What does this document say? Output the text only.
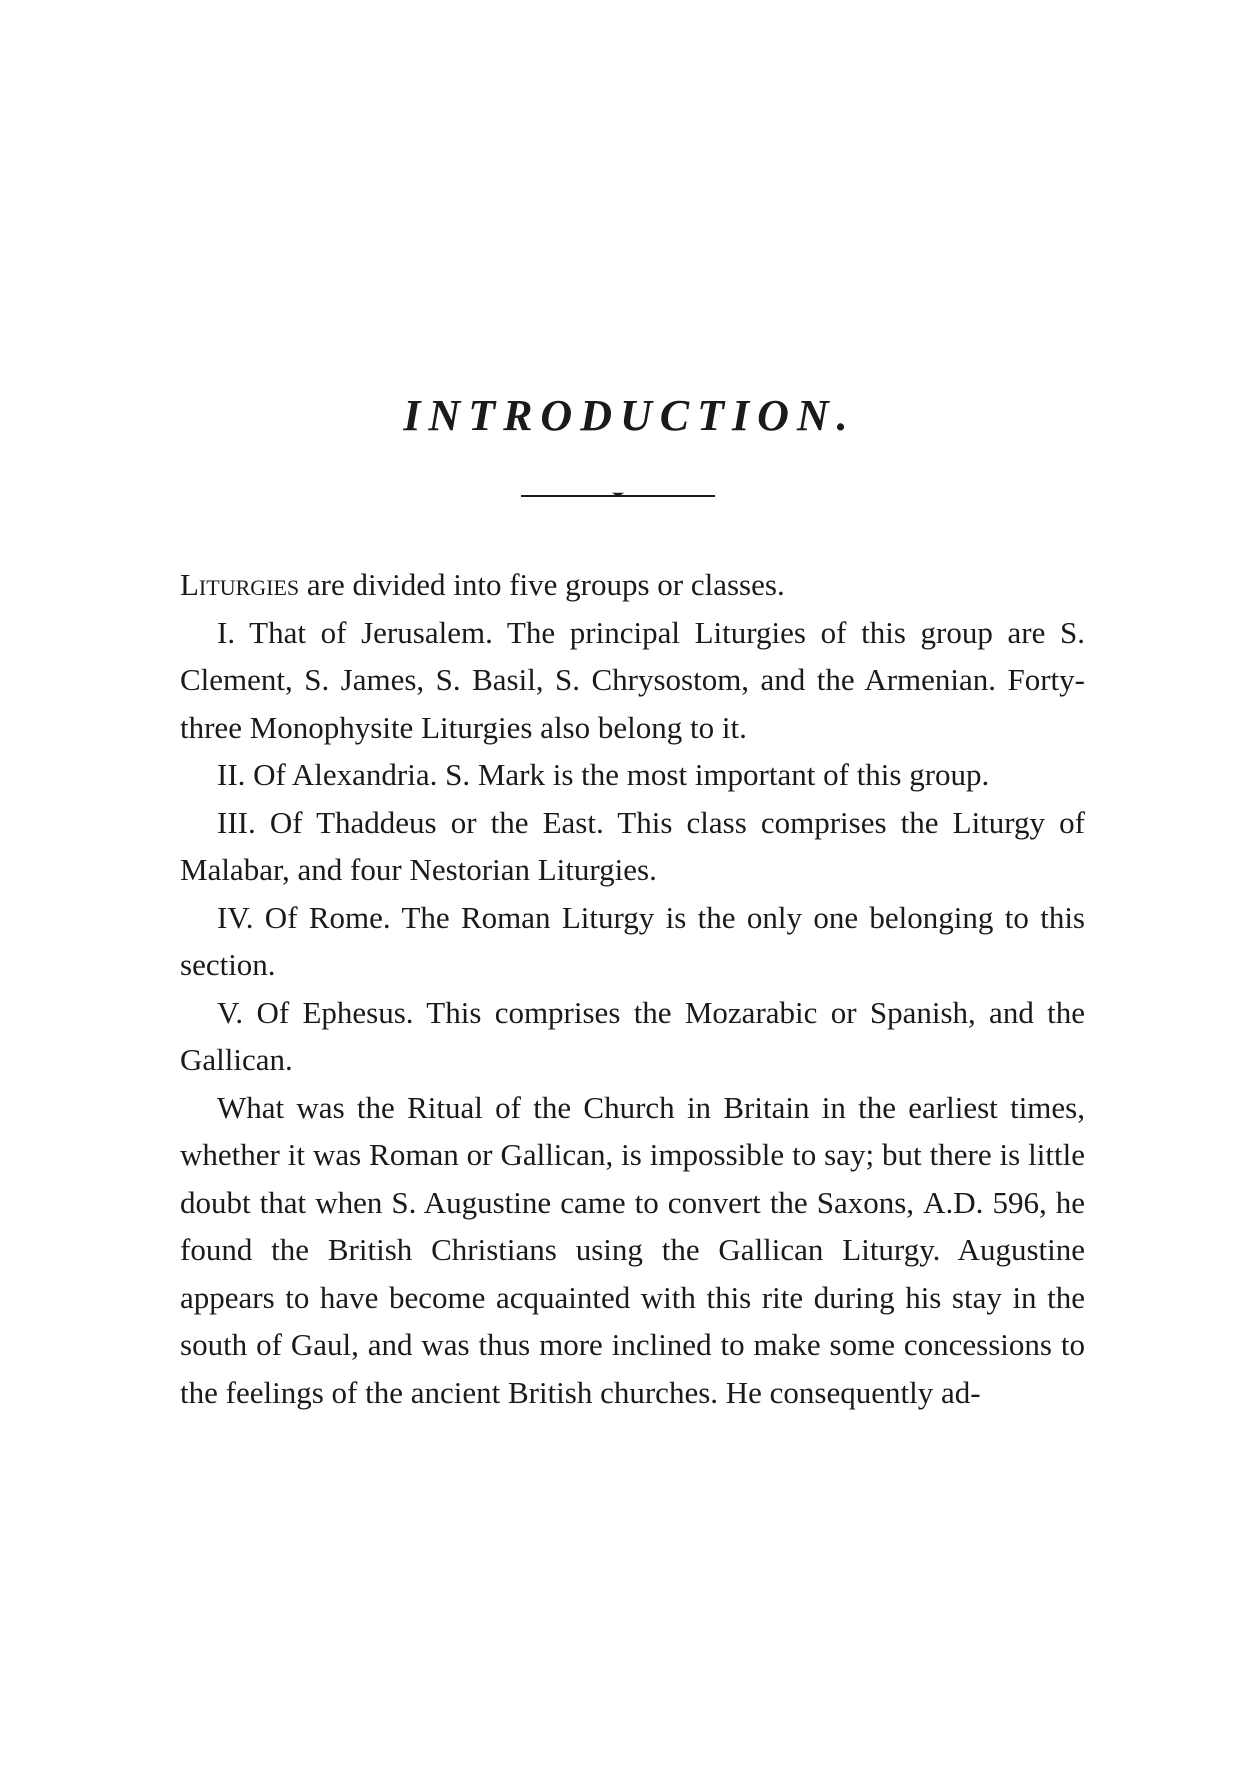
INTRODUCTION.

Liturgies are divided into five groups or classes.

I. That of Jerusalem. The principal Liturgies of this group are S. Clement, S. James, S. Basil, S. Chrysostom, and the Armenian. Forty-three Monophysite Liturgies also belong to it.

II. Of Alexandria. S. Mark is the most important of this group.

III. Of Thaddeus or the East. This class comprises the Liturgy of Malabar, and four Nestorian Liturgies.

IV. Of Rome. The Roman Liturgy is the only one belonging to this section.

V. Of Ephesus. This comprises the Mozarabic or Spanish, and the Gallican.

What was the Ritual of the Church in Britain in the earliest times, whether it was Roman or Gallican, is impossible to say; but there is little doubt that when S. Augustine came to convert the Saxons, A.D. 596, he found the British Christians using the Gallican Liturgy. Augustine appears to have become acquainted with this rite during his stay in the south of Gaul, and was thus more inclined to make some concessions to the feelings of the ancient British churches. He consequently ad-
